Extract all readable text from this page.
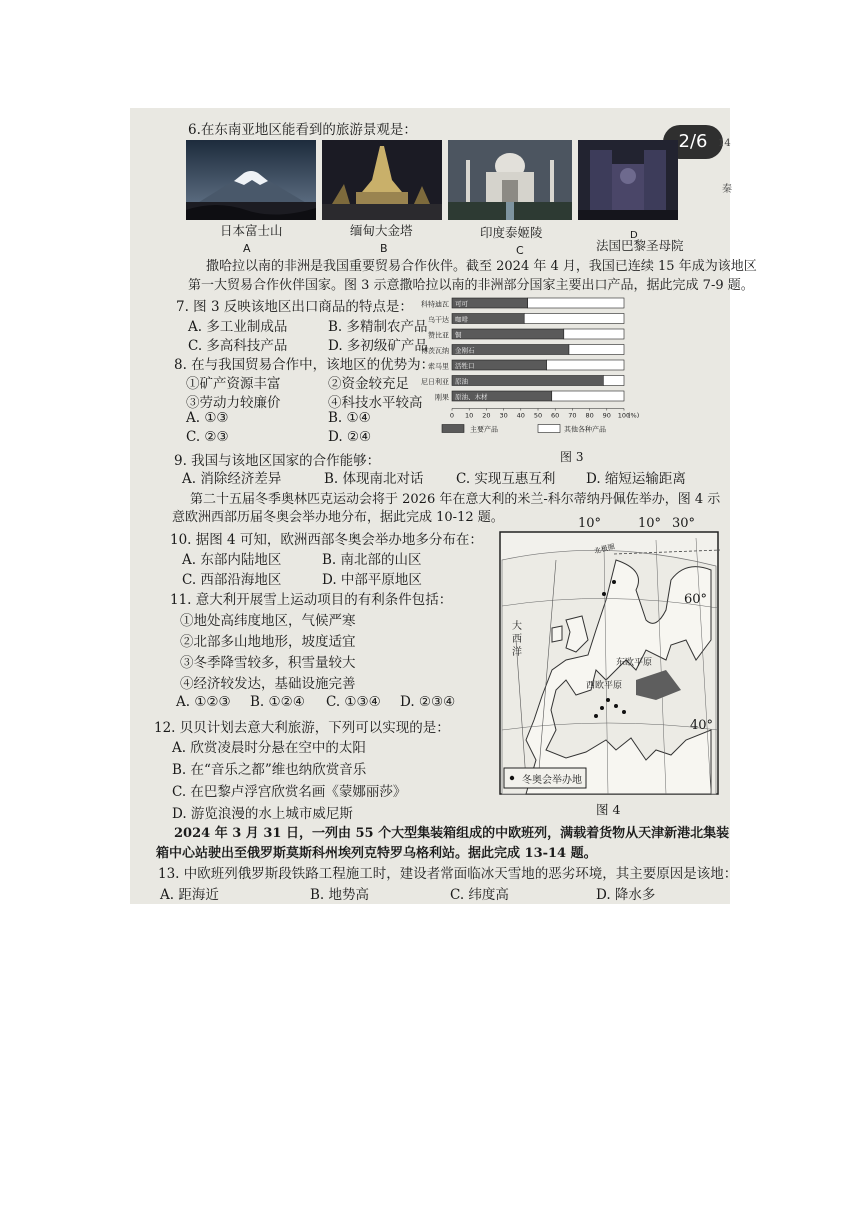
2/6	14
秦
6.在东南亚地区能看到的旅游景观是：
日本富士山
A
缅甸大金塔
B
印度泰姬陵
C	法国巴黎圣母院
D
撒哈拉以南的非洲是我国重要贸易合作伙伴。截至 2024 年 4 月，我国已连续 15 年成为该地区
第一大贸易合作伙伴国家。图 3 示意撒哈拉以南的非洲部分国家主要出口产品，据此完成 7-9 题。
7. 图 3 反映该地区出口商品的特点是：
A. 多工业制成品	B. 多精制农产品
C. 多高科技产品	D. 多初级矿产品
8. 在与我国贸易合作中，该地区的优势为：
①矿产资源丰富	②资金较充足
③劳动力较廉价	④科技水平较高
A. ①③	B. ①④
C. ②③	D. ②④
科特迪瓦 可可
乌干达 咖啡
赞比亚 铜
博茨瓦纳 金刚石
索马里 活牲口
尼日利亚 原油
刚果 原油、木材
0 10 20 30 40 50 60 70 80 90 100
(%)
主要产品	其他各种产品
图 3
9. 我国与该地区国家的合作能够：
A. 消除经济差异	B. 体现南北对话 C. 实现互惠互利 D. 缩短运输距离
第二十五届冬季奥林匹克运动会将于 2026 年在意大利的米兰-科尔蒂纳丹佩佐举办，图 4 示
意欧洲西部历届冬奥会举办地分布，据此完成 10-12 题。
10. 据图 4 可知，欧洲西部冬奥会举办地多分布在：
A. 东部内陆地区	B. 南北部的山区
C. 西部沿海地区	D. 中部平原地区
11. 意大利开展雪上运动项目的有利条件包括：
①地处高纬度地区，气候严寒
②北部多山地地形，坡度适宜
③冬季降雪较多，积雪量较大
④经济较发达，基础设施完善
A. ①②③ B. ①②④ C. ①③④ D. ②③④
12. 贝贝计划去意大利旅游，下列可以实现的是：
A. 欣赏凌晨时分悬在空中的太阳
B. 在“音乐之都”维也纳欣赏音乐
C. 在巴黎卢浮宫欣赏名画《蒙娜丽莎》
D. 游览浪漫的水上城市威尼斯
10°	10° 30°
60°
40°
北极圈
大西洋
东欧平原
西欧平原
冬奥会举办地
图 4
2024 年 3 月 31 日，一列由 55 个大型集装箱组成的中欧班列，满载着货物从天津新港北集装
箱中心站驶出至俄罗斯莫斯科州埃列克特罗乌格利站。据此完成 13-14 题。
13. 中欧班列俄罗斯段铁路工程施工时，建设者常面临冰天雪地的恶劣环境，其主要原因是该地：
A. 距海近	B. 地势高	C. 纬度高	D. 降水多
